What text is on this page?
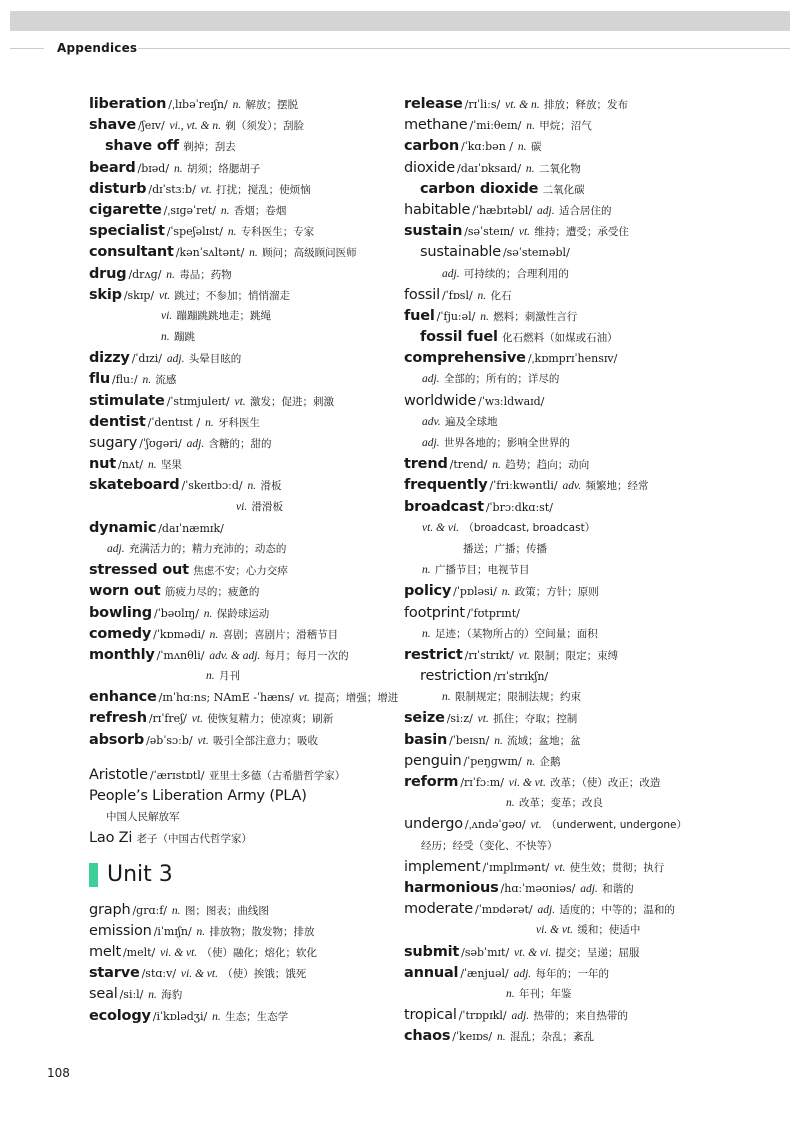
Appendices
liberation /ˌlɪbəˈreɪʃn/ n. 解放；摆脱
shave /ʃeɪv/ vi., vt. & n. 剃（须发）；刮脸
shave off 剃掉；刮去
beard /bɪəd/ n. 胡须；络腮胡子
disturb /dɪˈstɜːb/ vt. 打扰；搅乱；使烦恼
cigarette /ˌsɪɡəˈret/ n. 香烟；卷烟
specialist /ˈspeʃəlɪst/ n. 专科医生；专家
consultant /kənˈsʌltənt/ n. 顾问；高级顾问医师
drug /drʌɡ/ n. 毒品；药物
skip /skɪp/ vt. 跳过；不参加；悄悄溜走
vi. 蹦蹦跳跳地走；跳绳
n. 蹦跳
dizzy /ˈdɪzi/ adj. 头晕目眩的
flu /fluː/ n. 流感
stimulate /ˈstɪmjuleɪt/ vt. 激发；促进；刺激
dentist /ˈdentɪst / n. 牙科医生
sugary /ˈʃʊɡəri/ adj. 含糖的；甜的
nut /nʌt/ n. 坚果
skateboard /ˈskeɪtbɔːd/ n. 滑板
vi. 滑滑板
dynamic /daɪˈnæmɪk/
adj. 充满活力的；精力充沛的；动态的
stressed out 焦虑不安；心力交瘁
worn out 筋疲力尽的；疲惫的
bowling /ˈbəʊlɪŋ/ n. 保龄球运动
comedy /ˈkɒmədi/ n. 喜剧；喜剧片；滑稽节目
monthly /ˈmʌnθli/ adv. & adj. 每月；每月一次的
n. 月刊
enhance /ɪnˈhɑːns; NAmE -ˈhæns/ vt. 提高；增强；增进
refresh /rɪˈfreʃ/ vt. 使恢复精力；使凉爽；刷新
absorb /əbˈsɔːb/ vt. 吸引全部注意力；吸收
Aristotle /ˈærɪstɒtl/ 亚里士多德（古希腊哲学家）
People’s Liberation Army (PLA)
中国人民解放军
Lao Zi 老子（中国古代哲学家）
Unit 3
graph /ɡrɑːf/ n. 图；图表；曲线图
emission /iˈmɪʃn/ n. 排放物；散发物；排放
melt /melt/ vi. & vt. （使）融化；熔化；软化
starve /stɑːv/ vi. & vt. （使）挨饿；饿死
seal /siːl/ n. 海豹
ecology /iˈkɒlədʒi/ n. 生态；生态学
release /rɪˈliːs/ vt. & n. 排放；释放；发布
methane /ˈmiːθeɪn/ n. 甲烷；沼气
carbon /ˈkɑːbən / n. 碳
dioxide /daɪˈɒksaɪd/ n. 二氧化物
carbon dioxide 二氧化碳
habitable /ˈhæbɪtəbl/ adj. 适合居住的
sustain /səˈsteɪn/ vt. 维持；遭受；承受住
sustainable /səˈsteɪnəbl/
adj. 可持续的；合理利用的
fossil /ˈfɒsl/ n. 化石
fuel /ˈfjuːəl/ n. 燃料；刺激性言行
fossil fuel 化石燃料（如煤或石油）
comprehensive /ˌkɒmprɪˈhensɪv/
adj. 全部的；所有的；详尽的
worldwide /ˈwɜːldwaɪd/
adv. 遍及全球地
adj. 世界各地的；影响全世界的
trend /trend/ n. 趋势；趋向；动向
frequently /ˈfriːkwəntli/ adv. 频繁地；经常
broadcast /ˈbrɔːdkɑːst/
vt. & vi. （broadcast, broadcast）
播送；广播；传播
n. 广播节目；电视节目
policy /ˈpɒləsi/ n. 政策；方针；原则
footprint /ˈfʊtprɪnt/
n. 足迹；（某物所占的）空间量；面积
restrict /rɪˈstrɪkt/ vt. 限制；限定；束缚
restriction /rɪˈstrɪkʃn/
n. 限制规定；限制法规；约束
seize /siːz/ vt. 抓住；夺取；控制
basin /ˈbeɪsn/ n. 流域；盆地；盆
penguin /ˈpeŋɡwɪn/ n. 企鹅
reform /rɪˈfɔːm/ vi. & vt. 改革；（使）改正；改造
n. 改革；变革；改良
undergo /ˌʌndəˈɡəʊ/ vt. （underwent, undergone）
经历；经受（变化、不快等）
implement /ˈɪmplɪmənt/ vt. 使生效；贯彻；执行
harmonious /hɑːˈməʊniəs/ adj. 和谐的
moderate /ˈmɒdərət/ adj. 适度的；中等的；温和的
vi. & vt. 缓和；使适中
submit /səbˈmɪt/ vt. & vi. 提交；呈递；屈服
annual /ˈænjuəl/ adj. 每年的；一年的
n. 年刊；年鉴
tropical /ˈtrɒpɪkl/ adj. 热带的；来自热带的
chaos /ˈkeɪɒs/ n. 混乱；杂乱；紊乱
108
